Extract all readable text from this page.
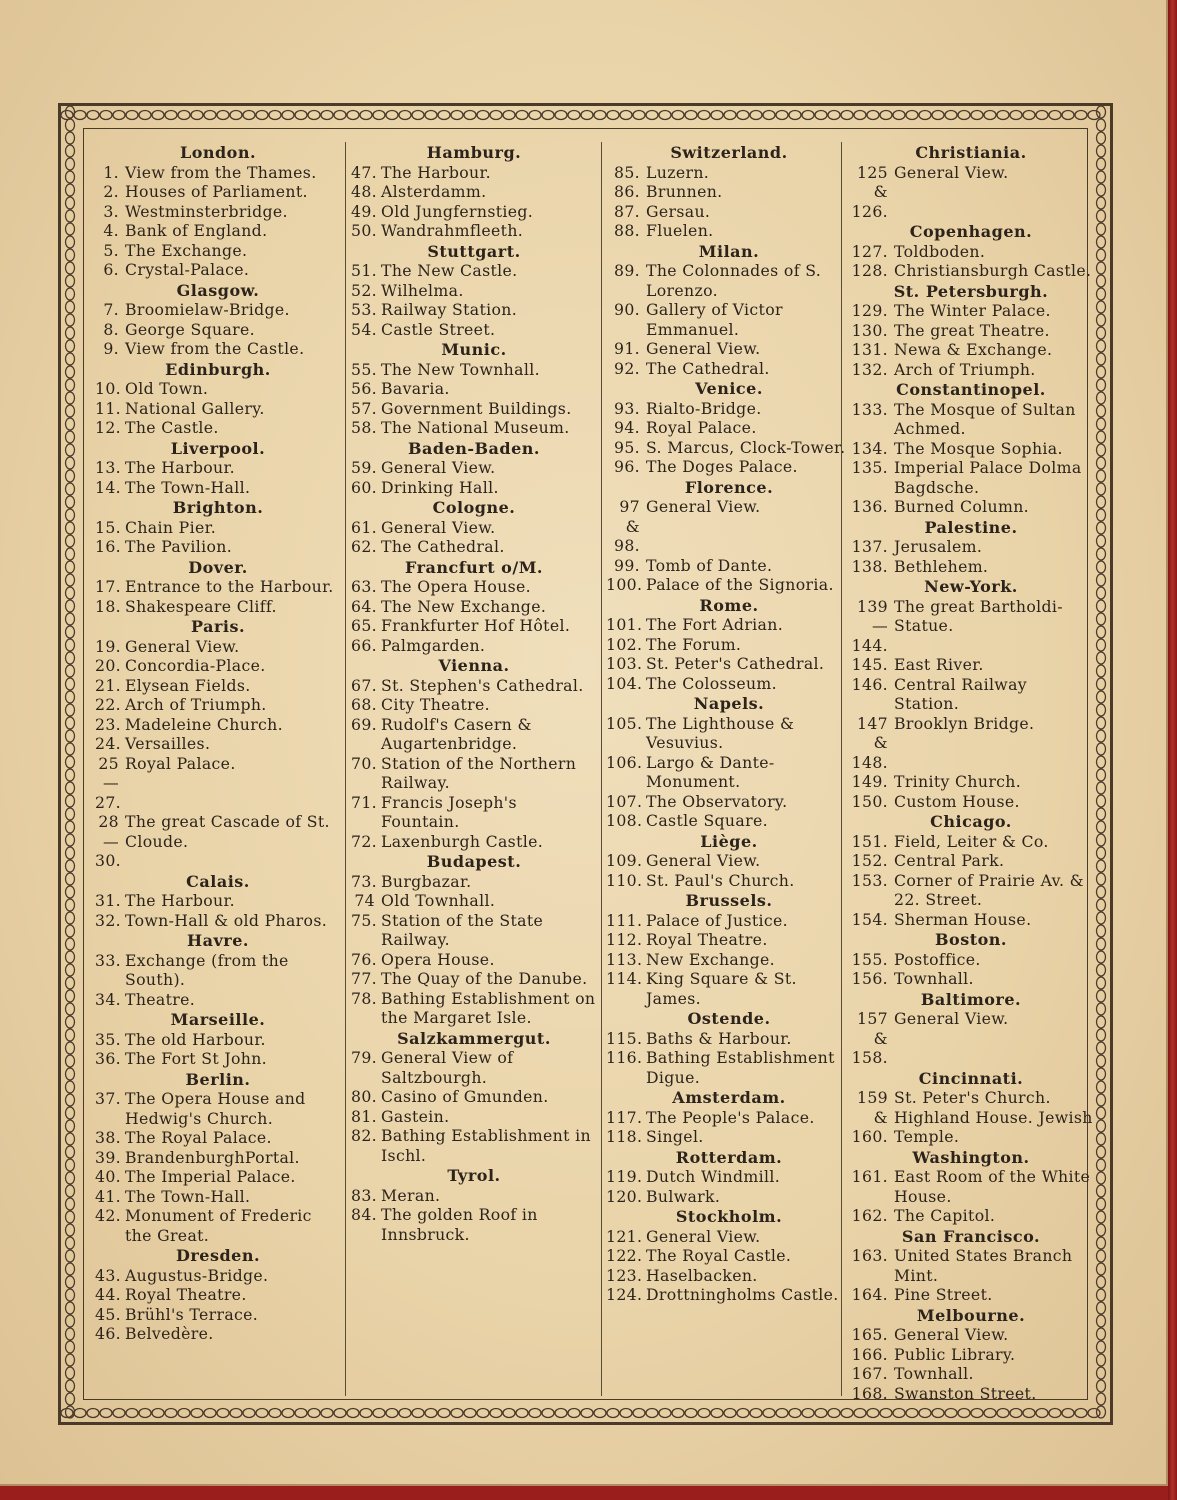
London.
1. View from the Thames.
2. Houses of Parliament.
3. Westminsterbridge.
4. Bank of England.
5. The Exchange.
6. Crystal-Palace.
Glasgow.
7. Broomielaw-Bridge.
8. George Square.
9. View from the Castle.
Edinburgh.
10. Old Town.
11. National Gallery.
12. The Castle.
Liverpool.
13. The Harbour.
14. The Town-Hall.
Brighton.
15. Chain Pier.
16. The Pavilion.
Dover.
17. Entrance to the Harbour.
18. Shakespeare Cliff.
Paris.
19. General View.
20. Concordia-Place.
21. Elysean Fields.
22. Arch of Triumph.
23. Madeleine Church.
24. Versailles.
25—27.
Royal Palace.
28—30.
The great Cascade of St. Cloude.
Calais.
31. The Harbour.
32. Town-Hall & old Pharos.
Havre.
33. Exchange (from the South).
34. Theatre.
Marseille.
35. The old Harbour.
36. The Fort St John.
Berlin.
37. The Opera House and Hedwig's Church.
38. The Royal Palace.
39. BrandenburghPortal.
40. The Imperial Palace.
41. The Town-Hall.
42. Monument of Frederic the Great.
Dresden.
43. Augustus-Bridge.
44. Royal Theatre.
45. Brühl's Terrace.
46. Belvedère.
Hamburg.
47. The Harbour.
48. Alsterdamm.
49. Old Jungfernstieg.
50. Wandrahmfleeth.
Stuttgart.
51. The New Castle.
52. Wilhelma.
53. Railway Station.
54. Castle Street.
Munic.
55. The New Townhall.
56. Bavaria.
57. Government Buildings.
58. The National Museum.
Baden-Baden.
59. General View.
60. Drinking Hall.
Cologne.
61. General View.
62. The Cathedral.
Francfurt o/M.
63. The Opera House.
64. The New Exchange.
65. Frankfurter Hof Hôtel.
66. Palmgarden.
Vienna.
67. St. Stephen's Cathedral.
68. City Theatre.
69. Rudolf's Casern & Augartenbridge.
70. Station of the Northern Railway.
71. Francis Joseph's Fountain.
72. Laxenburgh Castle.
Budapest.
73. Burgbazar.
74 Old Townhall.
75. Station of the State Railway.
76. Opera House.
77. The Quay of the Danube.
78. Bathing Establishment on the Margaret Isle.
Salzkammergut.
79. General View of Saltzbourgh.
80. Casino of Gmunden.
81. Gastein.
82. Bathing Establishment in Ischl.
Tyrol.
83. Meran.
84. The golden Roof in Innsbruck.
Switzerland.
85. Luzern.
86. Brunnen.
87. Gersau.
88. Fluelen.
Milan.
89. The Colonnades of S. Lorenzo.
90. Gallery of Victor Emmanuel.
91. General View.
92. The Cathedral.
Venice.
93. Rialto-Bridge.
94. Royal Palace.
95. S. Marcus, Clock-Tower.
96. The Doges Palace.
Florence.
97 & 98.
General View.
99. Tomb of Dante.
100. Palace of the Signoria.
Rome.
101. The Fort Adrian.
102. The Forum.
103. St. Peter's Cathedral.
104. The Colosseum.
Napels.
105. The Lighthouse & Vesuvius.
106. Largo & Dante-Monument.
107. The Observatory.
108. Castle Square.
Liège.
109. General View.
110. St. Paul's Church.
Brussels.
111. Palace of Justice.
112. Royal Theatre.
113. New Exchange.
114. King Square & St. James.
Ostende.
115. Baths & Harbour.
116. Bathing Establishment Digue.
Amsterdam.
117. The People's Palace.
118. Singel.
Rotterdam.
119. Dutch Windmill.
120. Bulwark.
Stockholm.
121. General View.
122. The Royal Castle.
123. Haselbacken.
124. Drottningholms Castle.
Christiania.
125 & 126.
General View.
Copenhagen.
127. Toldboden.
128. Christiansburgh Castle.
St. Petersburgh.
129. The Winter Palace.
130. The great Theatre.
131. Newa & Exchange.
132. Arch of Triumph.
Constantinopel.
133. The Mosque of Sultan Achmed.
134. The Mosque Sophia.
135. Imperial Palace Dolma Bagdsche.
136. Burned Column.
Palestine.
137. Jerusalem.
138. Bethlehem.
New-York.
139—144.
The great Bartholdi-Statue.
145. East River.
146. Central Railway Station.
147 & 148.
Brooklyn Bridge.
149. Trinity Church.
150. Custom House.
Chicago.
151. Field, Leiter & Co.
152. Central Park.
153. Corner of Prairie Av. & 22. Street.
154. Sherman House.
Boston.
155. Postoffice.
156. Townhall.
Baltimore.
157 & 158.
General View.
Cincinnati.
159 & 160.
St. Peter's Church. Highland House. Jewish Temple.
Washington.
161. East Room of the White House.
162. The Capitol.
San Francisco.
163. United States Branch Mint.
164. Pine Street.
Melbourne.
165. General View.
166. Public Library.
167. Townhall.
168. Swanston Street.
